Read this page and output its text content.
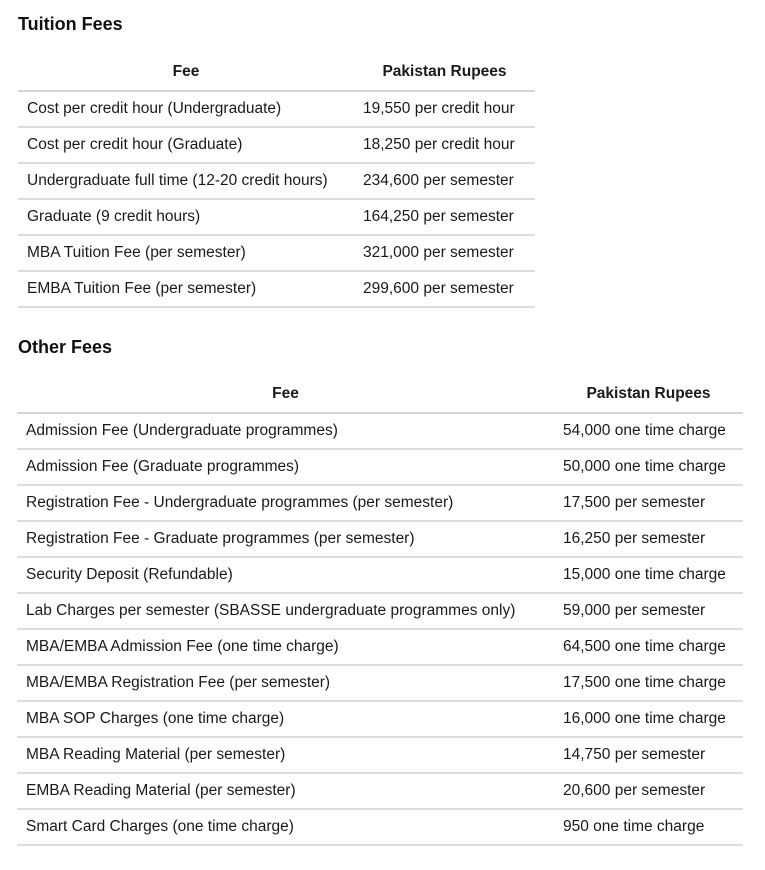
Tuition Fees
Fee	Pakistan Rupees
Cost per credit hour (Undergraduate)	19,550 per credit hour
Cost per credit hour (Graduate)	18,250 per credit hour
Undergraduate full time (12-20 credit hours)	234,600 per semester
Graduate (9 credit hours)	164,250 per semester
MBA Tuition Fee (per semester)	321,000 per semester
EMBA Tuition Fee (per semester)	299,600 per semester
Other Fees
Fee	Pakistan Rupees
Admission Fee (Undergraduate programmes)	54,000 one time charge
Admission Fee (Graduate programmes)	50,000 one time charge
Registration Fee - Undergraduate programmes (per semester)	17,500 per semester
Registration Fee - Graduate programmes (per semester)	16,250 per semester
Security Deposit (Refundable)	15,000 one time charge
Lab Charges per semester (SBASSE undergraduate programmes only)	59,000 per semester
MBA/EMBA Admission Fee (one time charge)	64,500 one time charge
MBA/EMBA Registration Fee (per semester)	17,500 one time charge
MBA SOP Charges (one time charge)	16,000 one time charge
MBA Reading Material (per semester)	14,750 per semester
EMBA Reading Material (per semester)	20,600 per semester
Smart Card Charges (one time charge)	950 one time charge
